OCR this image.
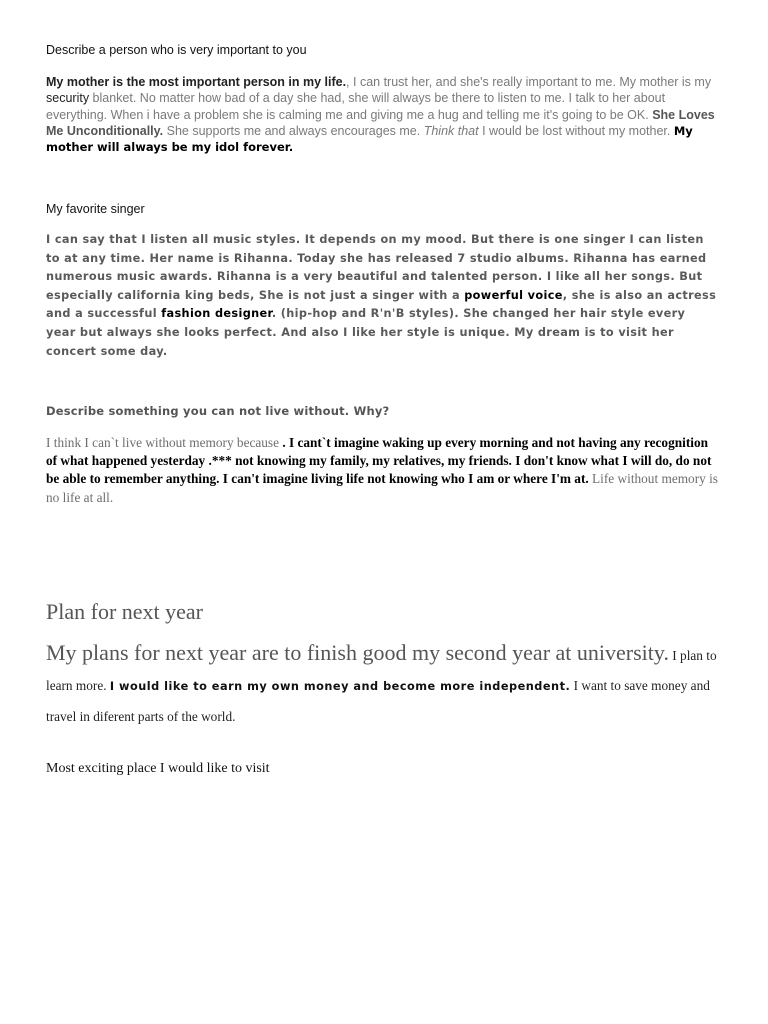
Describe a person who is very important to you

My mother is the most important person in my life., I can trust her, and she's really important to me. My mother is my security blanket. No matter how bad of a day she had, she will always be there to listen to me. I talk to her about everything. When i have a problem she is calming me and giving me a hug and telling me it's going to be OK. She Loves Me Unconditionally. She supports me and always encourages me. Think that I would be lost without my mother. My mother will always be my idol forever.

My favorite singer

I can say that I listen all music styles. It depends on my mood. But there is one singer I can listen to at any time. Her name is Rihanna. Today she has released 7 studio albums. Rihanna has earned numerous music awards. Rihanna is a very beautiful and talented person. I like all her songs. But especially california king beds, She is not just a singer with a powerful voice, she is also an actress and a successful fashion designer. (hip-hop and R'n'B styles). She changed her hair style every year but always she looks perfect. And also I like her style is unique. My dream is to visit her concert some day.

Describe something you can not live without. Why?

I think I can`t live without memory because . I cant`t imagine waking up every morning and not having any recognition of what happened yesterday .*** not knowing my family, my relatives, my friends. I don't know what I will do, do not be able to remember anything. I can't imagine living life not knowing who I am or where I'm at. Life without memory is no life at all.

Plan for next year

My plans for next year are to finish good my second year at university. I plan to learn more. I would like to earn my own money and become more independent. I want to save money and travel in diferent parts of the world.

Most exciting place I would like to visit
